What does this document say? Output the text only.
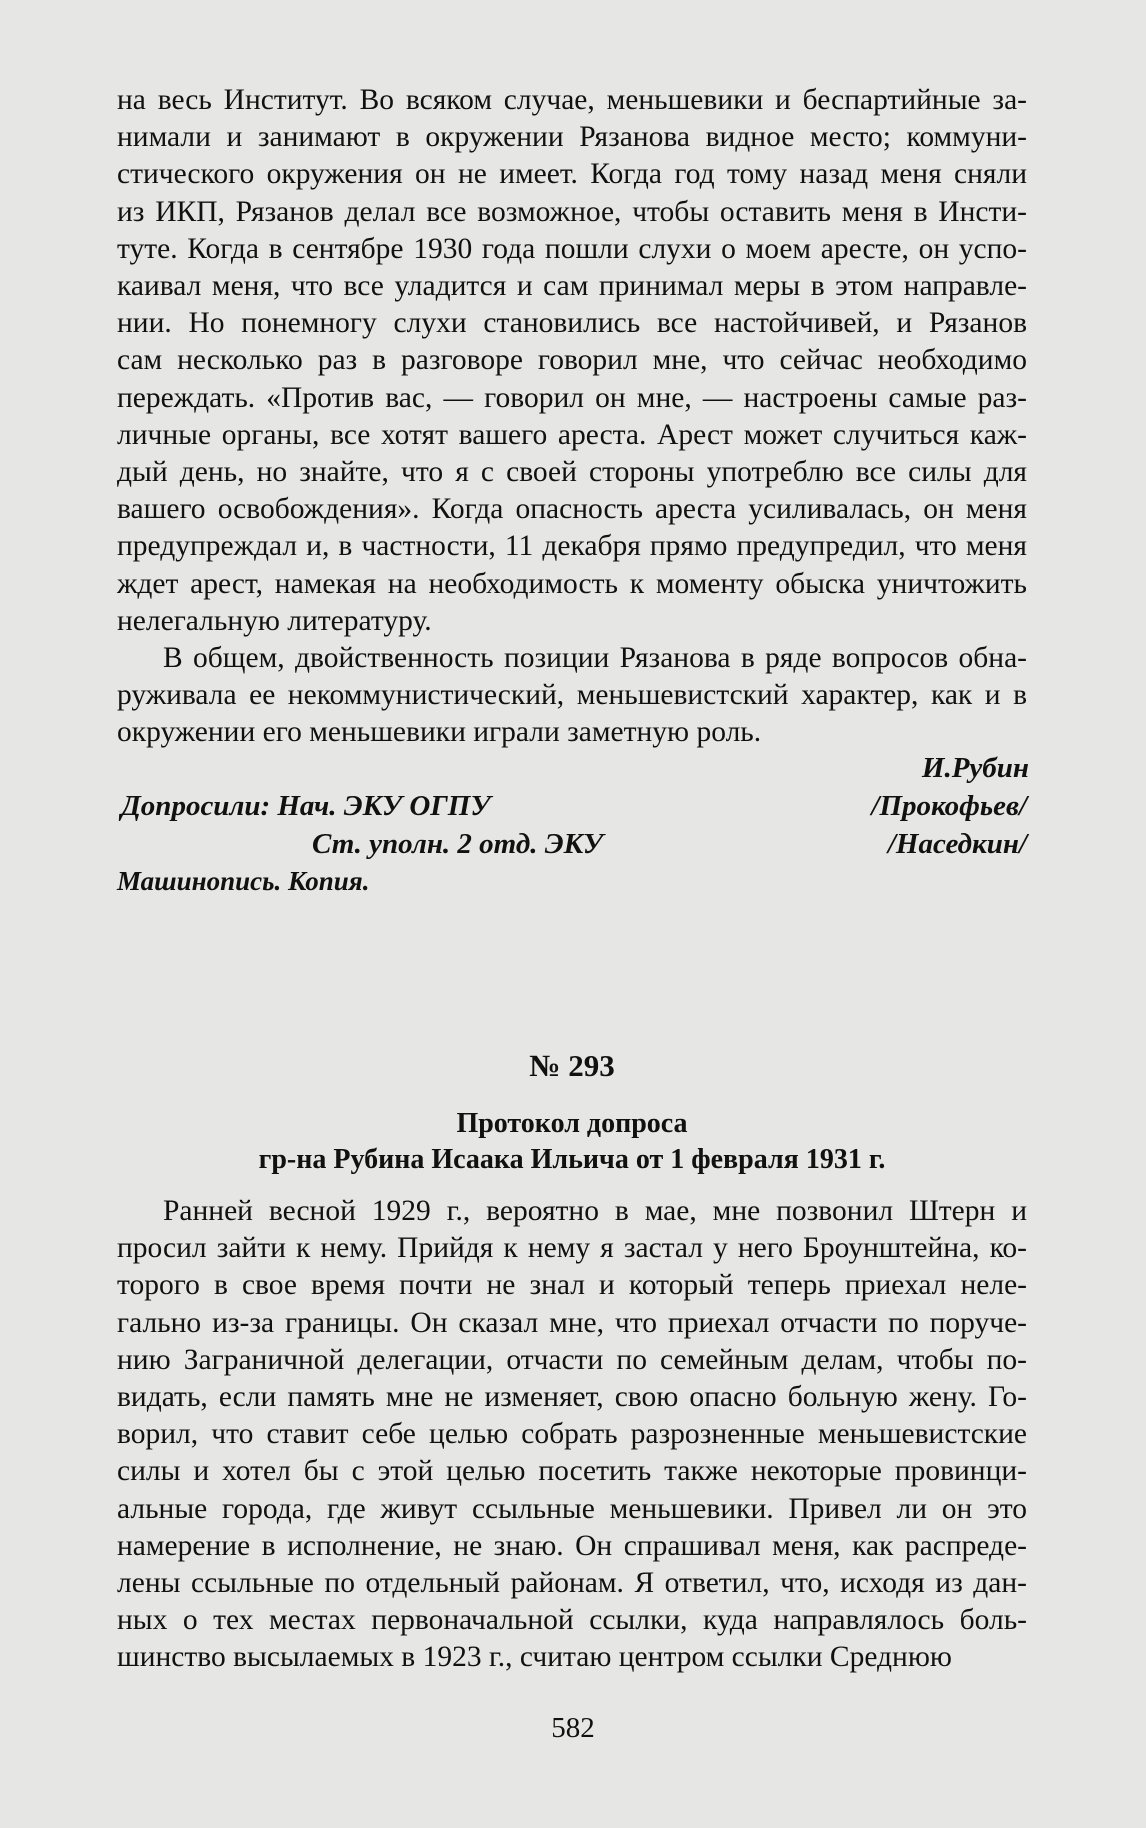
на весь Институт. Во всяком случае, меньшевики и беспартийные за-
нимали и занимают в окружении Рязанова видное место; коммуни-
стического окружения он не имеет. Когда год тому назад меня сняли
из ИКП, Рязанов делал все возможное, чтобы оставить меня в Инсти-
туте. Когда в сентябре 1930 года пошли слухи о моем аресте, он успо-
каивал меня, что все уладится и сам принимал меры в этом направле-
нии. Но понемногу слухи становились все настойчивей, и Рязанов
сам несколько раз в разговоре говорил мне, что сейчас необходимо
переждать. «Против вас, — говорил он мне, — настроены самые раз-
личные органы, все хотят вашего ареста. Арест может случиться каж-
дый день, но знайте, что я с своей стороны употреблю все силы для
вашего освобождения». Когда опасность ареста усиливалась, он меня
предупреждал и, в частности, 11 декабря прямо предупредил, что меня
ждет арест, намекая на необходимость к моменту обыска уничтожить
нелегальную литературу.

В общем, двойственность позиции Рязанова в ряде вопросов обна-
руживала ее некоммунистический, меньшевистский характер, как и в
окружении его меньшевики играли заметную роль.

И.Рубин
Допросили: Нач. ЭКУ ОГПУ	/Прокофьев/
Ст. уполн. 2 отд. ЭКУ	/Наседкин/
Машинопись. Копия.
№ 293
Протокол допроса
гр-на Рубина Исаака Ильича от 1 февраля 1931 г.

Ранней весной 1929 г., вероятно в мае, мне позвонил Штерн и
просил зайти к нему. Прийдя к нему я застал у него Броунштейна, ко-
торого в свое время почти не знал и который теперь приехал неле-
гально из-за границы. Он сказал мне, что приехал отчасти по поруче-
нию Заграничной делегации, отчасти по семейным делам, чтобы по-
видать, если память мне не изменяет, свою опасно больную жену. Го-
ворил, что ставит себе целью собрать разрозненные меньшевистские
силы и хотел бы с этой целью посетить также некоторые провинци-
альные города, где живут ссыльные меньшевики. Привел ли он это
намерение в исполнение, не знаю. Он спрашивал меня, как распреде-
лены ссыльные по отдельный районам. Я ответил, что, исходя из дан-
ных о тех местах первоначальной ссылки, куда направлялось боль-
шинство высылаемых в 1923 г., считаю центром ссылки Среднюю

582
